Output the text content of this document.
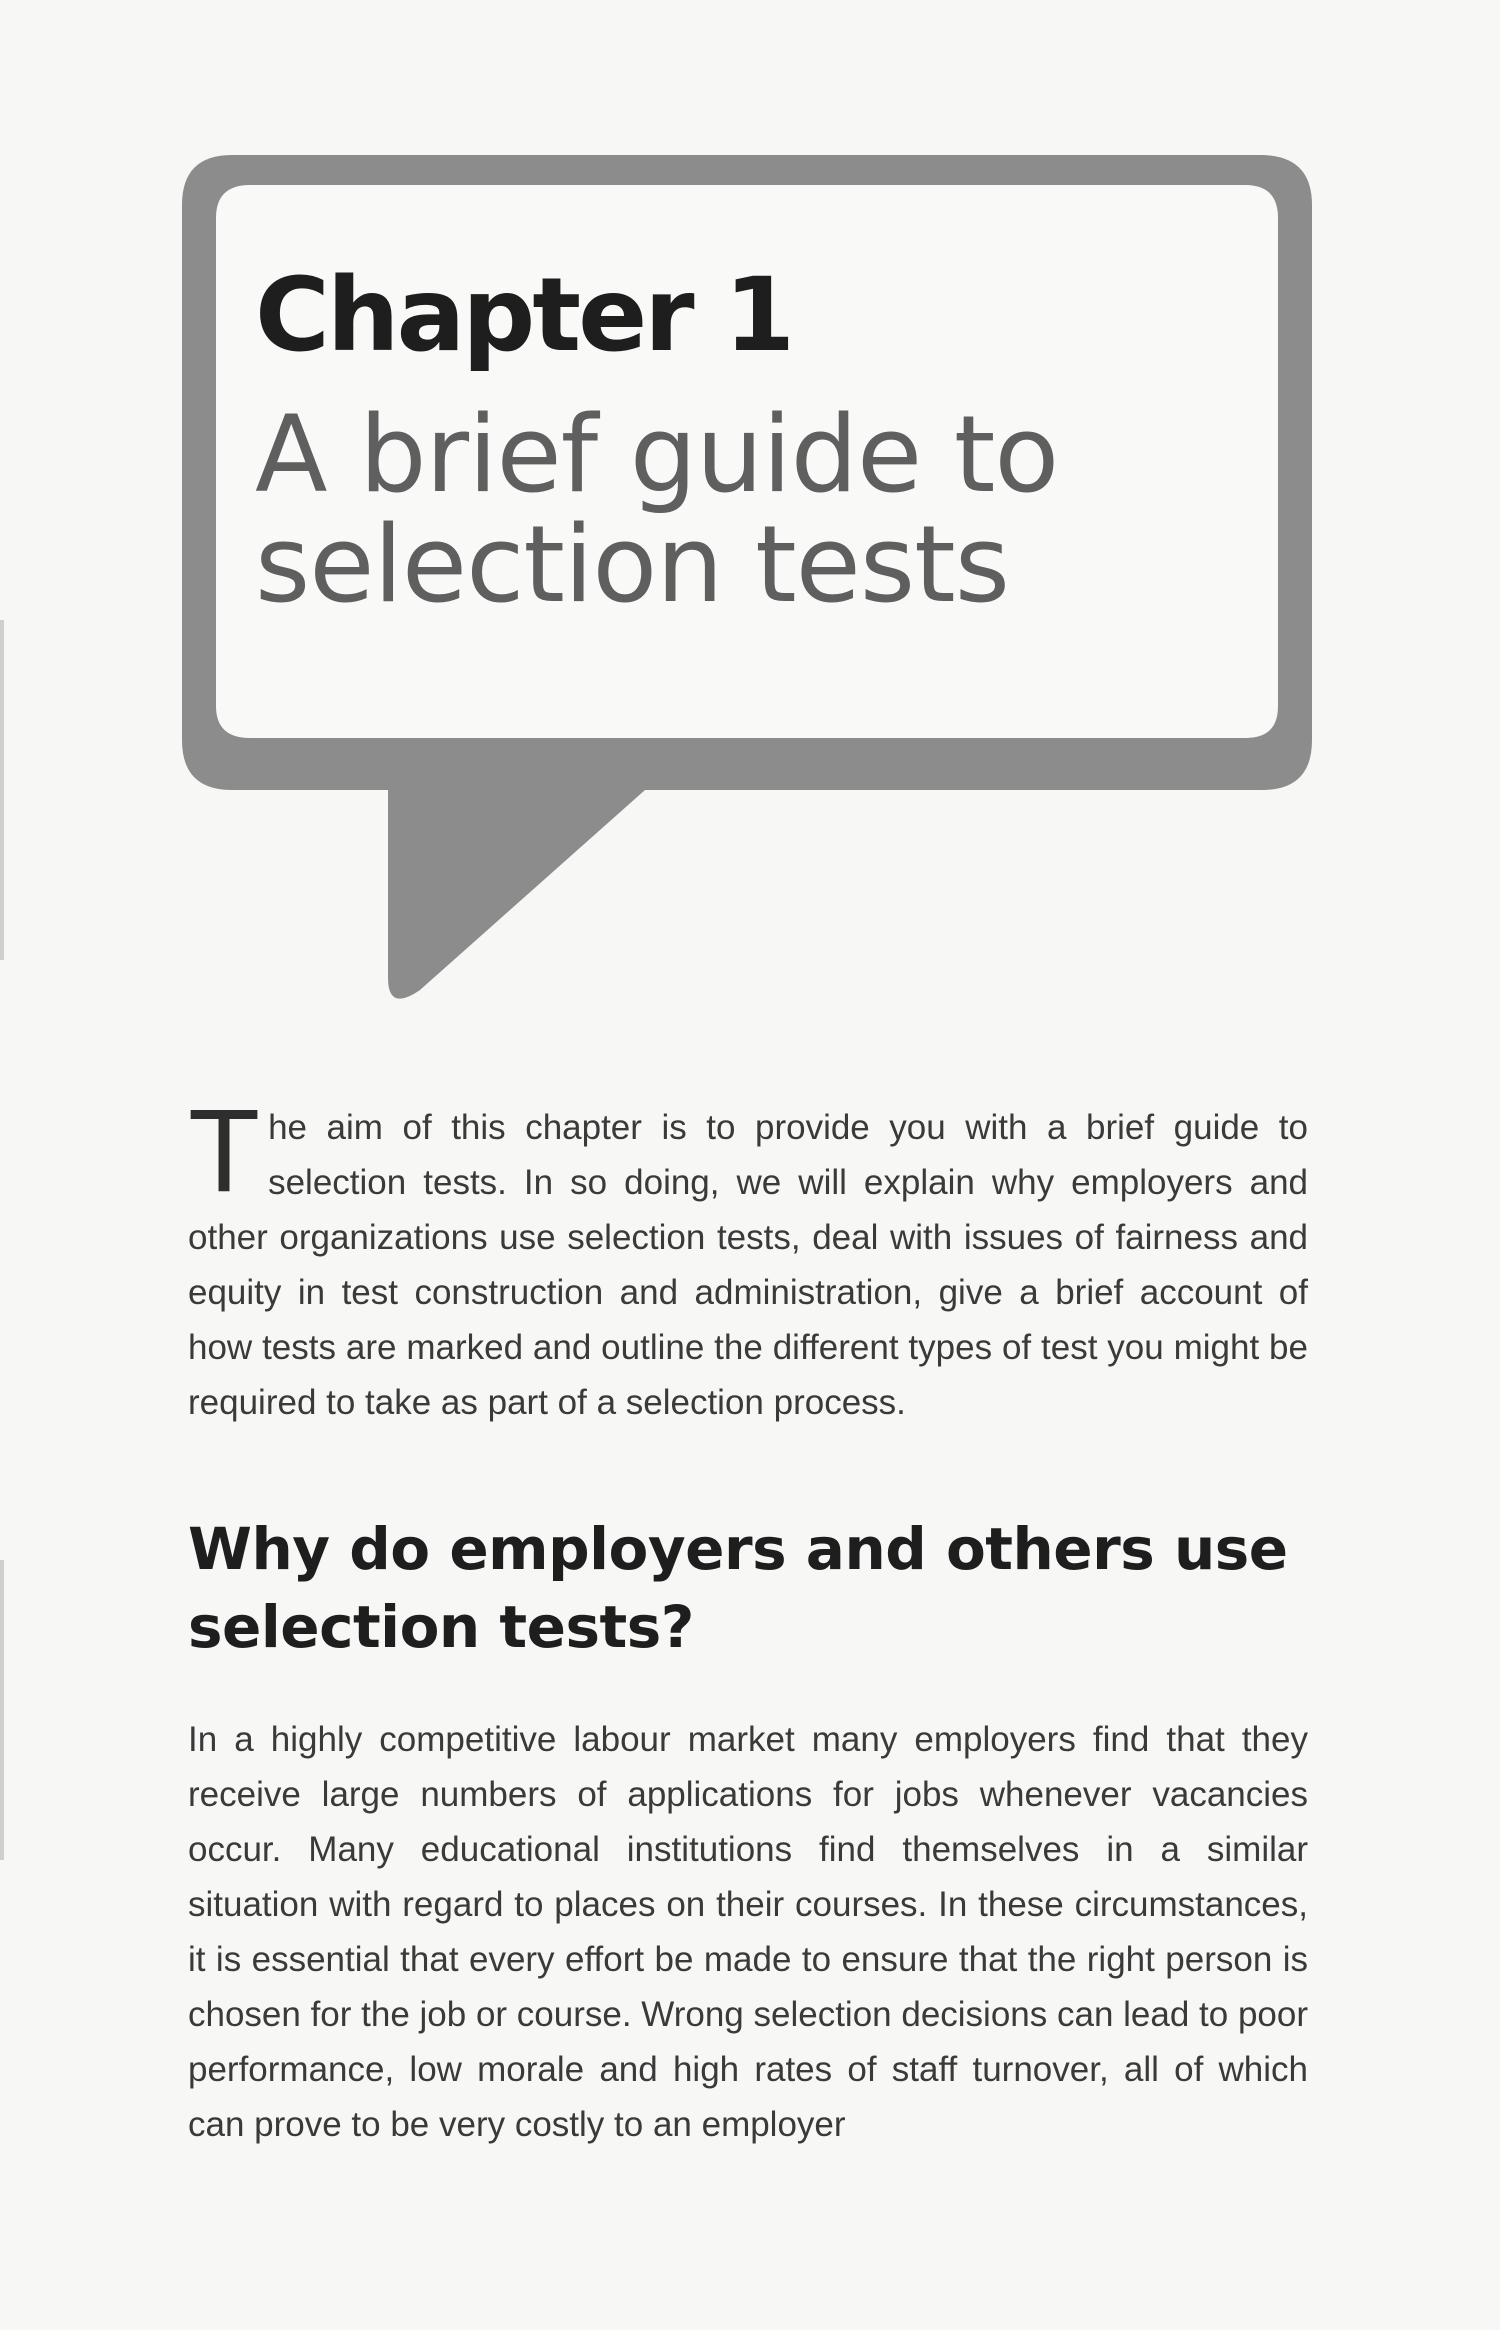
Chapter 1
A brief guide to selection tests

The aim of this chapter is to provide you with a brief guide to selection tests. In so doing, we will explain why employers and other organizations use selection tests, deal with issues of fairness and equity in test construction and administration, give a brief account of how tests are marked and outline the different types of test you might be required to take as part of a selection process.

Why do employers and others use selection tests?

In a highly competitive labour market many employers find that they receive large numbers of applications for jobs whenever vacancies occur. Many educational institutions find themselves in a similar situation with regard to places on their courses. In these circumstances, it is essential that every effort be made to ensure that the right person is chosen for the job or course. Wrong selection decisions can lead to poor performance, low morale and high rates of staff turnover, all of which can prove to be very costly to an employer
